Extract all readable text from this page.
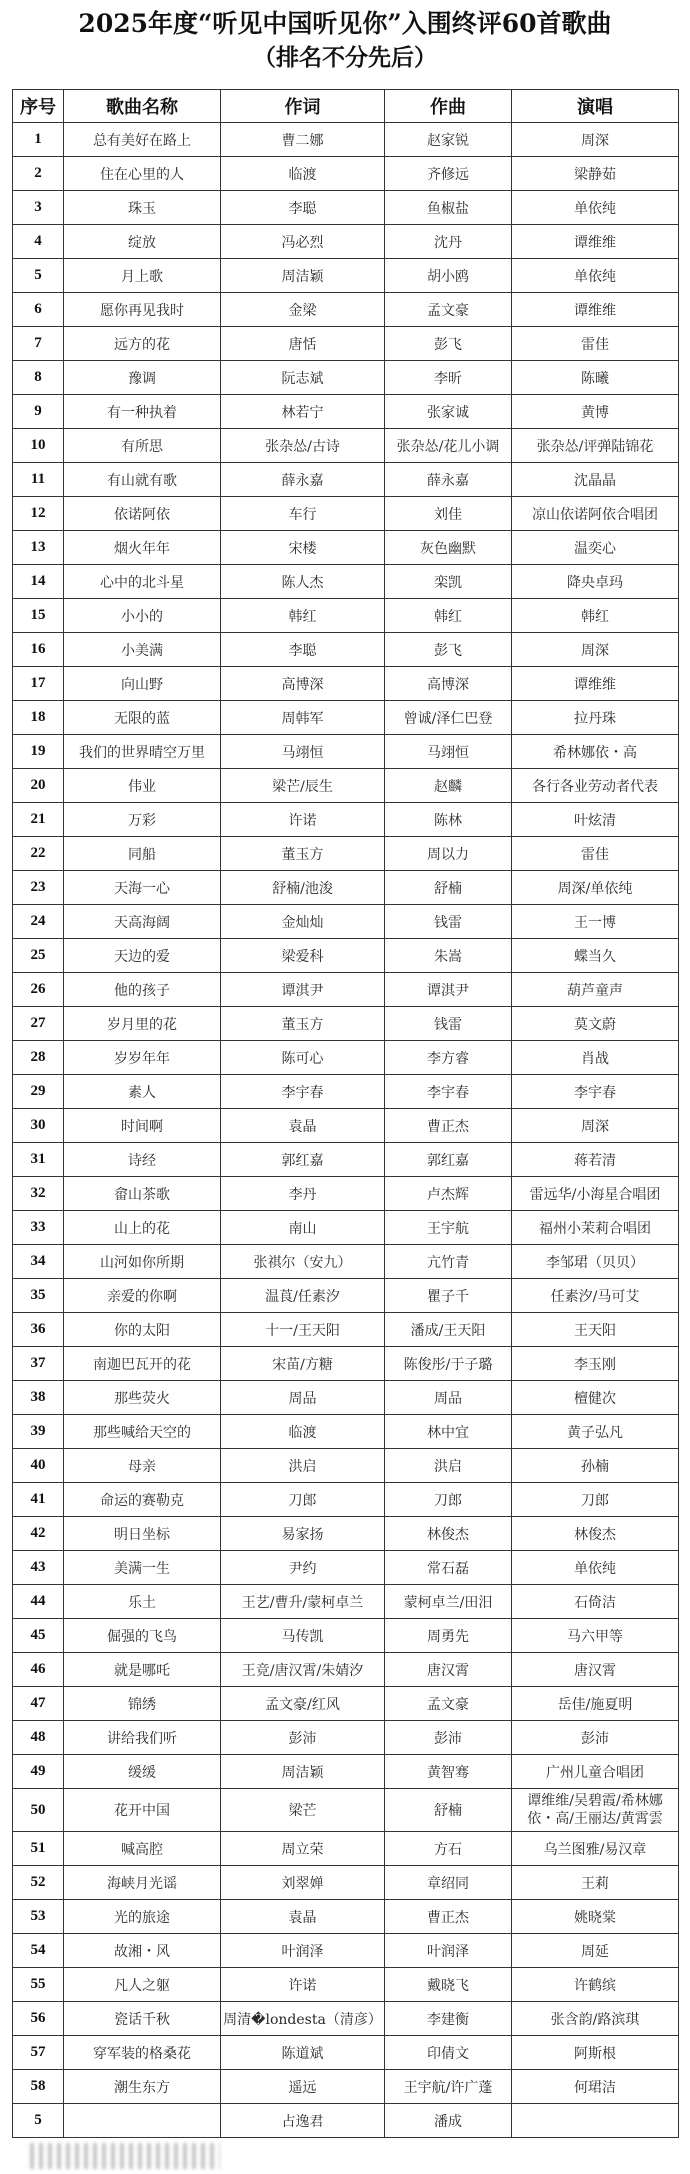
2025年度“听见中国听见你”入围终评60首歌曲
（排名不分先后）
序号	歌曲名称	作词	作曲	演唱
1	总有美好在路上	曹二娜	赵家锐	周深
2	住在心里的人	临渡	齐修远	梁静茹
3	珠玉	李聪	鱼椒盐	单依纯
4	绽放	冯必烈	沈丹	谭维维
5	月上歌	周洁颖	胡小鸥	单依纯
6	愿你再见我时	金梁	孟文豪	谭维维
7	远方的花	唐恬	彭飞	雷佳
8	豫调	阮志斌	李昕	陈曦
9	有一种执着	林若宁	张家诚	黄博
10	有所思	张杂怂/古诗	张杂怂/花儿小调	张杂怂/评弹陆锦花
11	有山就有歌	薛永嘉	薛永嘉	沈晶晶
12	依诺阿依	车行	刘佳	凉山依诺阿依合唱团
13	烟火年年	宋楼	灰色幽默	温奕心
14	心中的北斗星	陈人杰	栾凯	降央卓玛
15	小小的	韩红	韩红	韩红
16	小美满	李聪	彭飞	周深
17	向山野	高博深	高博深	谭维维
18	无限的蓝	周韩军	曾诚/泽仁巴登	拉丹珠
19	我们的世界晴空万里	马翊恒	马翊恒	希林娜依・高
20	伟业	梁芒/辰生	赵麟	各行各业劳动者代表
21	万彩	许诺	陈林	叶炫清
22	同船	董玉方	周以力	雷佳
23	天海一心	舒楠/池浚	舒楠	周深/单依纯
24	天高海阔	金灿灿	钱雷	王一博
25	天边的爱	梁爱科	朱嵩	蝶当久
26	他的孩子	谭淇尹	谭淇尹	葫芦童声
27	岁月里的花	董玉方	钱雷	莫文蔚
28	岁岁年年	陈可心	李方睿	肖战
29	素人	李宇春	李宇春	李宇春
30	时间啊	袁晶	曹正杰	周深
31	诗经	郭红嘉	郭红嘉	蒋若清
32	畲山茶歌	李丹	卢杰辉	雷远华/小海星合唱团
33	山上的花	南山	王宇航	福州小茉莉合唱团
34	山河如你所期	张祺尔（安九）	亢竹青	李邹珺（贝贝）
35	亲爱的你啊	温莨/任素汐	瞿子千	任素汐/马可艾
36	你的太阳	十一/王天阳	潘成/王天阳	王天阳
37	南迦巴瓦开的花	宋苗/方糖	陈俊彤/于子璐	李玉刚
38	那些荧火	周品	周品	檀健次
39	那些喊给天空的	临渡	林中宜	黄子弘凡
40	母亲	洪启	洪启	孙楠
41	命运的赛勒克	刀郎	刀郎	刀郎
42	明日坐标	易家扬	林俊杰	林俊杰
43	美满一生	尹约	常石磊	单依纯
44	乐土	王艺/曹升/蒙柯卓兰	蒙柯卓兰/田汨	石倚洁
45	倔强的飞鸟	马传凯	周勇先	马六甲等
46	就是哪吒	王竞/唐汉霄/朱婧汐	唐汉霄	唐汉霄
47	锦绣	孟文豪/红风	孟文豪	岳佳/施夏明
48	讲给我们听	彭沛	彭沛	彭沛
49	缓缓	周洁颖	黄智骞	广州儿童合唱团
50	花开中国	梁芒	舒楠	谭维维/吴碧霞/希林娜依・高/王丽达/黄霄雲
51	喊高腔	周立荣	方石	乌兰图雅/易汉章
52	海峡月光谣	刘翠婵	章绍同	王莉
53	光的旅途	袁晶	曹正杰	姚晓棠
54	故湘・风	叶润泽	叶润泽	周延
55	凡人之躯	许诺	戴晓飞	许鹤缤
56	瓷话千秋	周清�londesta（清彦）	李建衡	张含韵/路滨琪
57	穿军装的格桑花	陈道斌	印倩文	阿斯根
58	潮生东方	遥远	王宇航/许广蓬	何珺洁
5		占逸君	潘成	
